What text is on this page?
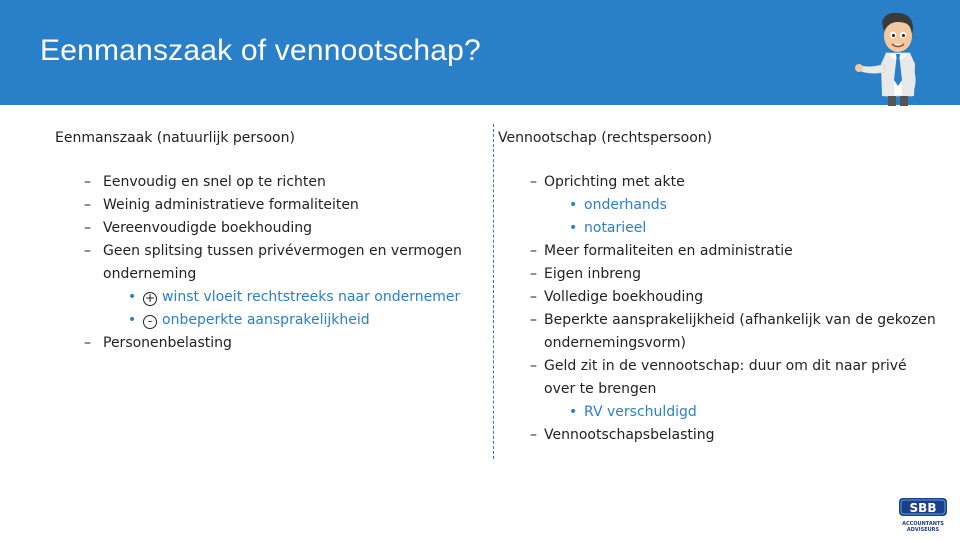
Eenmanszaak of vennootschap?
Eenmanszaak (natuurlijk persoon)
– Eenvoudig en snel op te richten
– Weinig administratieve formaliteiten
– Vereenvoudigde boekhouding
– Geen splitsing tussen privévermogen en vermogen onderneming
• + winst vloeit rechtstreeks naar ondernemer
• - onbeperkte aansprakelijkheid
– Personenbelasting
Vennootschap (rechtspersoon)
– Oprichting met akte
• onderhands
• notarieel
– Meer formaliteiten en administratie
– Eigen inbreng
– Volledige boekhouding
– Beperkte aansprakelijkheid (afhankelijk van de gekozen ondernemingsvorm)
– Geld zit in de vennootschap: duur om dit naar privé over te brengen
• RV verschuldigd
– Vennootschapsbelasting
SBB
ACCOUNTANTS
ADVISEURS
